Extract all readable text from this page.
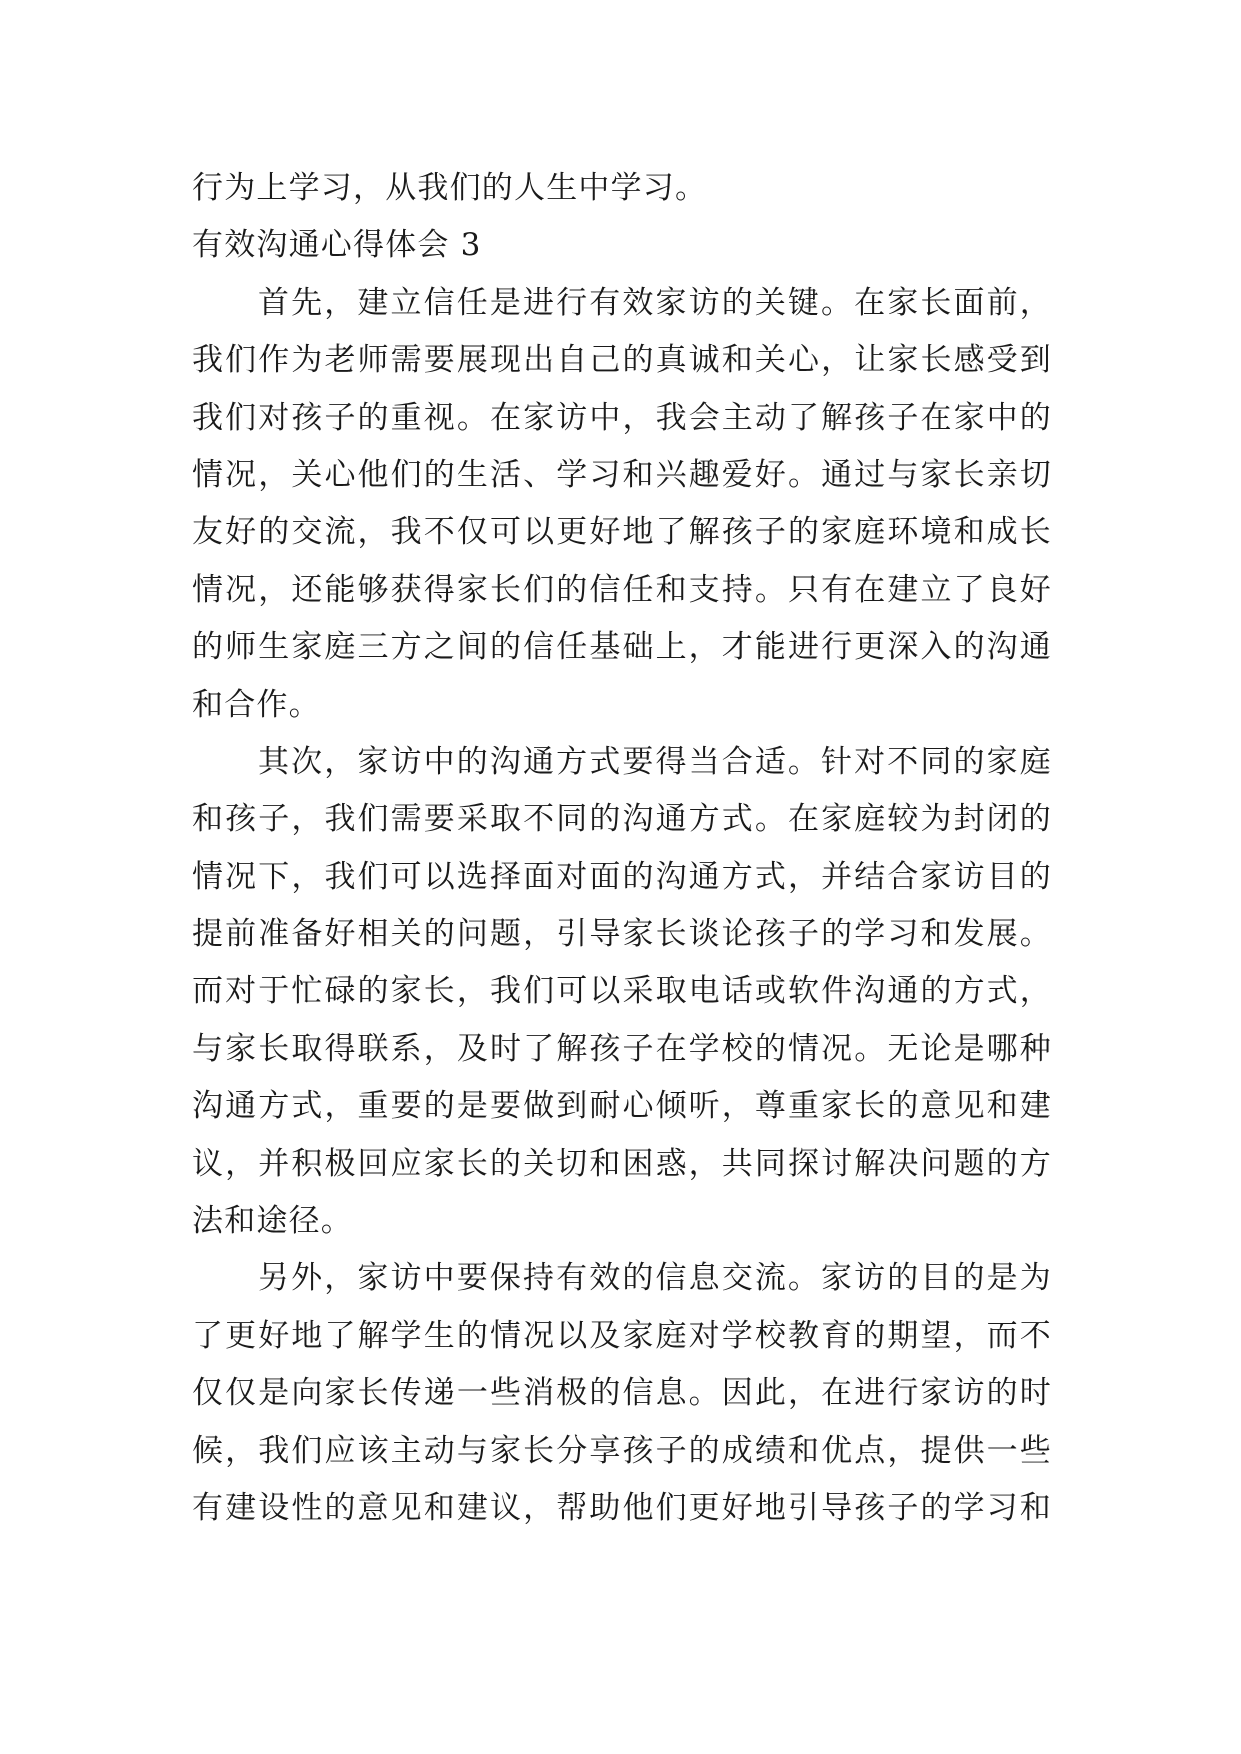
行为上学习，从我们的人生中学习。
有效沟通心得体会 3
首先，建立信任是进行有效家访的关键。在家长面前，
我们作为老师需要展现出自己的真诚和关心，让家长感受到
我们对孩子的重视。在家访中，我会主动了解孩子在家中的
情况，关心他们的生活、学习和兴趣爱好。通过与家长亲切
友好的交流，我不仅可以更好地了解孩子的家庭环境和成长
情况，还能够获得家长们的信任和支持。只有在建立了良好
的师生家庭三方之间的信任基础上，才能进行更深入的沟通
和合作。
其次，家访中的沟通方式要得当合适。针对不同的家庭
和孩子，我们需要采取不同的沟通方式。在家庭较为封闭的
情况下，我们可以选择面对面的沟通方式，并结合家访目的
提前准备好相关的问题，引导家长谈论孩子的学习和发展。
而对于忙碌的家长，我们可以采取电话或软件沟通的方式，
与家长取得联系，及时了解孩子在学校的情况。无论是哪种
沟通方式，重要的是要做到耐心倾听，尊重家长的意见和建
议，并积极回应家长的关切和困惑，共同探讨解决问题的方
法和途径。
另外，家访中要保持有效的信息交流。家访的目的是为
了更好地了解学生的情况以及家庭对学校教育的期望，而不
仅仅是向家长传递一些消极的信息。因此，在进行家访的时
候，我们应该主动与家长分享孩子的成绩和优点，提供一些
有建设性的意见和建议，帮助他们更好地引导孩子的学习和
